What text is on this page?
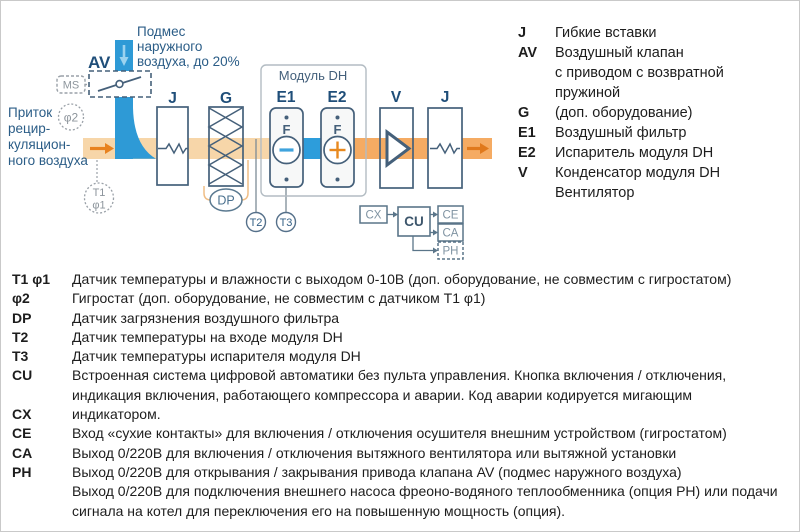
AV
MS
φ2
T1
φ1
Подмес
наружного
воздуха, до 20%
Приток
рецир-
куляцион-
ного воздуха
Модуль DH
J	G
DP
F
E1
F
E2	V	J
T2 T3
CX CU CE
CA
PH
J	Гибкие вставки
AV	Воздушный клапан
с приводом с возвратной
пружиной
G	(доп. оборудование)
E1	Воздушный фильтр
E2	Испаритель модуля DH
V	Конденсатор модуля DH
Вентилятор
T1 φ1	Датчик температуры и влажности с выходом 0-10В (доп. оборудование, не совместим с гигростатом)
φ2	Гигростат (доп. оборудование, не совместим с датчиком T1 φ1)
DP	Датчик загрязнения воздушного фильтра
T2	Датчик температуры на входе модуля DH
T3	Датчик температуры испарителя модуля DH
CU	Встроенная система цифровой автоматики без пульта управления. Кнопка включения / отключения,
индикация включения, работающего компрессора и аварии. Код аварии кодируется мигающим
CX	индикатором.
CE	Вход «сухие контакты» для включения / отключения осушителя внешним устройством (гигростатом)
CA	Выход 0/220В для включения / отключения вытяжного вентилятора или вытяжной установки
PH	Выход 0/220В для открывания / закрывания привода клапана AV (подмес наружного воздуха)
Выход 0/220В для подключения внешнего насоса фреоно-водяного теплообменника (опция PH) или подачи
сигнала на котел для переключения его на повышенную мощность (опция).
